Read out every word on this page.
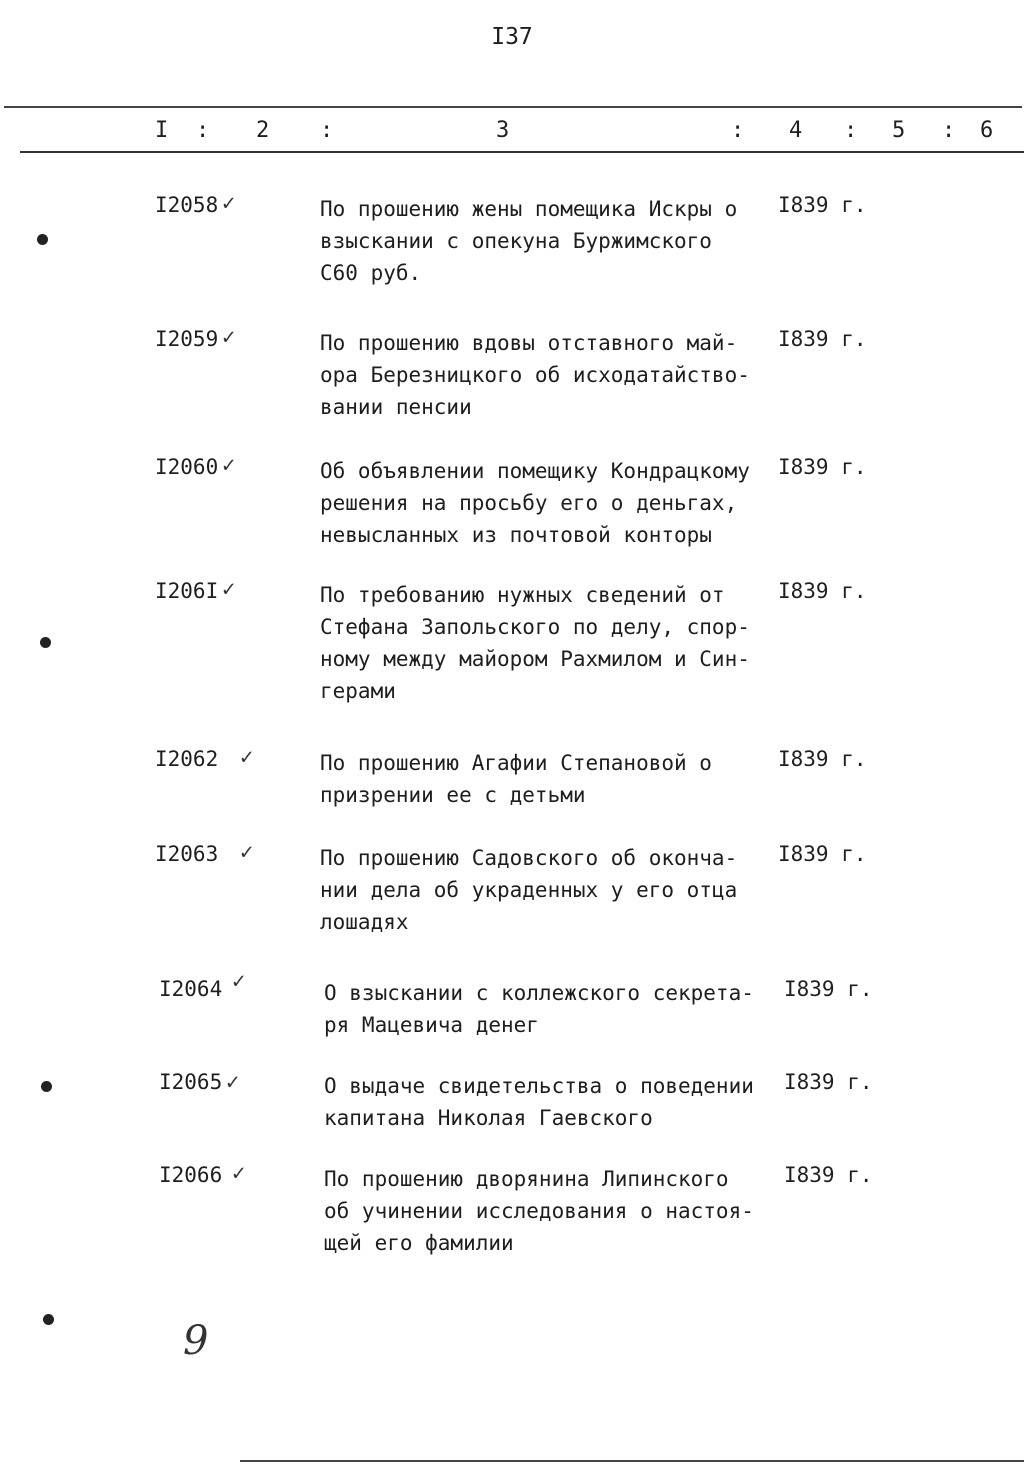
I37
I : 2 :	3	: 4 : 5 : 6
I2058 ✓	По прошению жены помещика Искры о
взыскании с опекуна Буржимского
С60 руб.
I839 г.
I2059 ✓	По прошению вдовы отставного май-
ора Березницкого об исходатайство-
вании пенсии
I839 г.
I2060 ✓	Об объявлении помещику Кондрацкому
решения на просьбу его о деньгах,
невысланных из почтовой конторы
I839 г.
I206I ✓	По требованию нужных сведений от
Стефана Запольского по делу, спор-
ному между майором Рахмилом и Син-
герами
I839 г.
I2062 ✓	По прошению Агафии Степановой о
призрении ее с детьми
I839 г.
I2063 ✓	По прошению Садовского об оконча-
нии дела об украденных у его отца
лошадях
I839 г.
I2064 ✓	О взыскании с коллежского секрета-
ря Мацевича денег
I839 г.
I2065 ✓	О выдаче свидетельства о поведении
капитана Николая Гаевского
I839 г.
I2066 ✓	По прошению дворянина Липинского
об учинении исследования о настоя-
щей его фамилии
I839 г.
9
